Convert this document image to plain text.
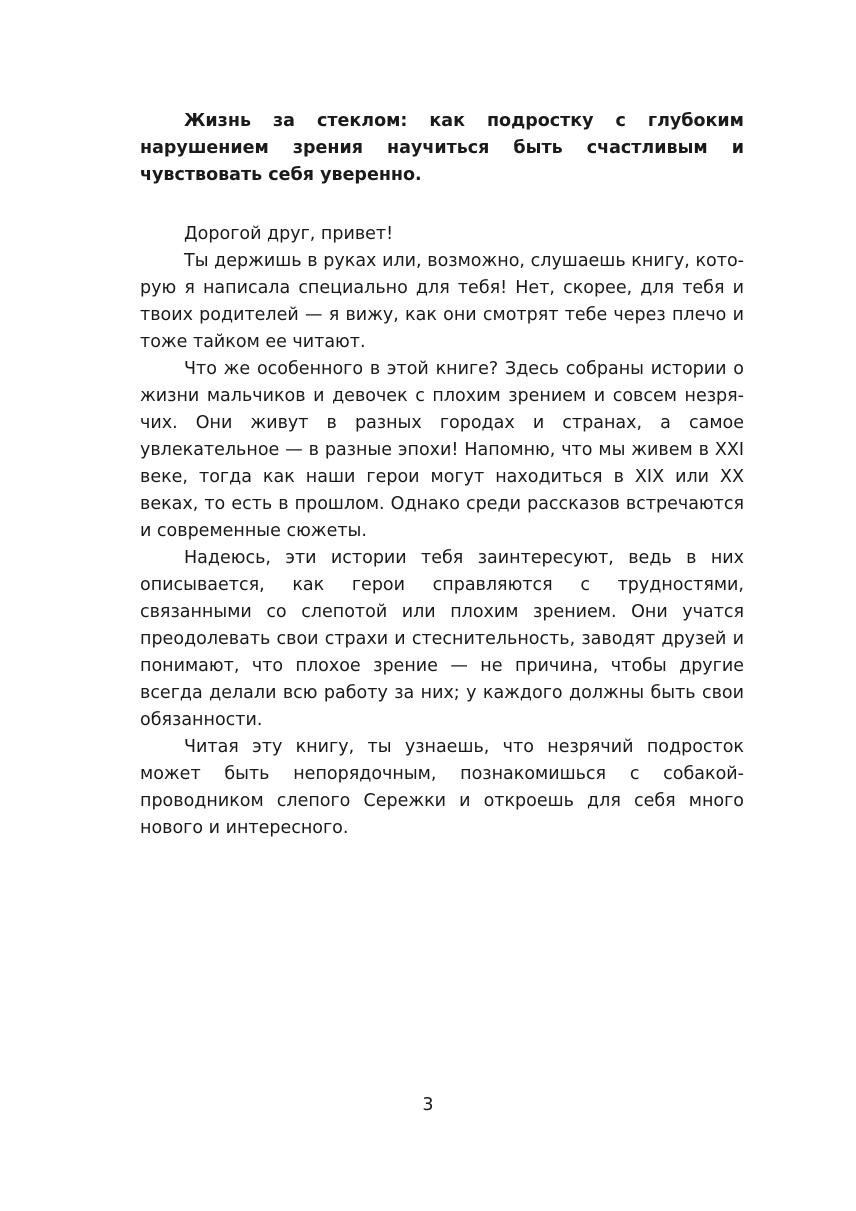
Жизнь за стеклом: как подростку с глубоким нарушением зрения научиться быть счастливым и чувствовать себя уверенно.

Дорогой друг, привет!

Ты держишь в руках или, возможно, слушаешь книгу, которую я написала специально для тебя! Нет, скорее, для тебя и твоих родителей — я вижу, как они смотрят тебе через плечо и тоже тайком ее читают.

Что же особенного в этой книге? Здесь собраны истории о жизни мальчиков и девочек с плохим зрением и совсем незрячих. Они живут в разных городах и странах, а самое увлекательное — в разные эпохи! Напомню, что мы живем в XXI веке, тогда как наши герои могут находиться в XIX или XX веках, то есть в прошлом. Однако среди рассказов встречаются и современные сюжеты.

Надеюсь, эти истории тебя заинтересуют, ведь в них описывается, как герои справляются с трудностями, связанными со слепотой или плохим зрением. Они учатся преодолевать свои страхи и стеснительность, заводят друзей и понимают, что плохое зрение — не причина, чтобы другие всегда делали всю работу за них; у каждого должны быть свои обязанности.

Читая эту книгу, ты узнаешь, что незрячий подросток может быть непорядочным, познакомишься с собакой-проводником слепого Сережки и откроешь для себя много нового и интересного.

3
